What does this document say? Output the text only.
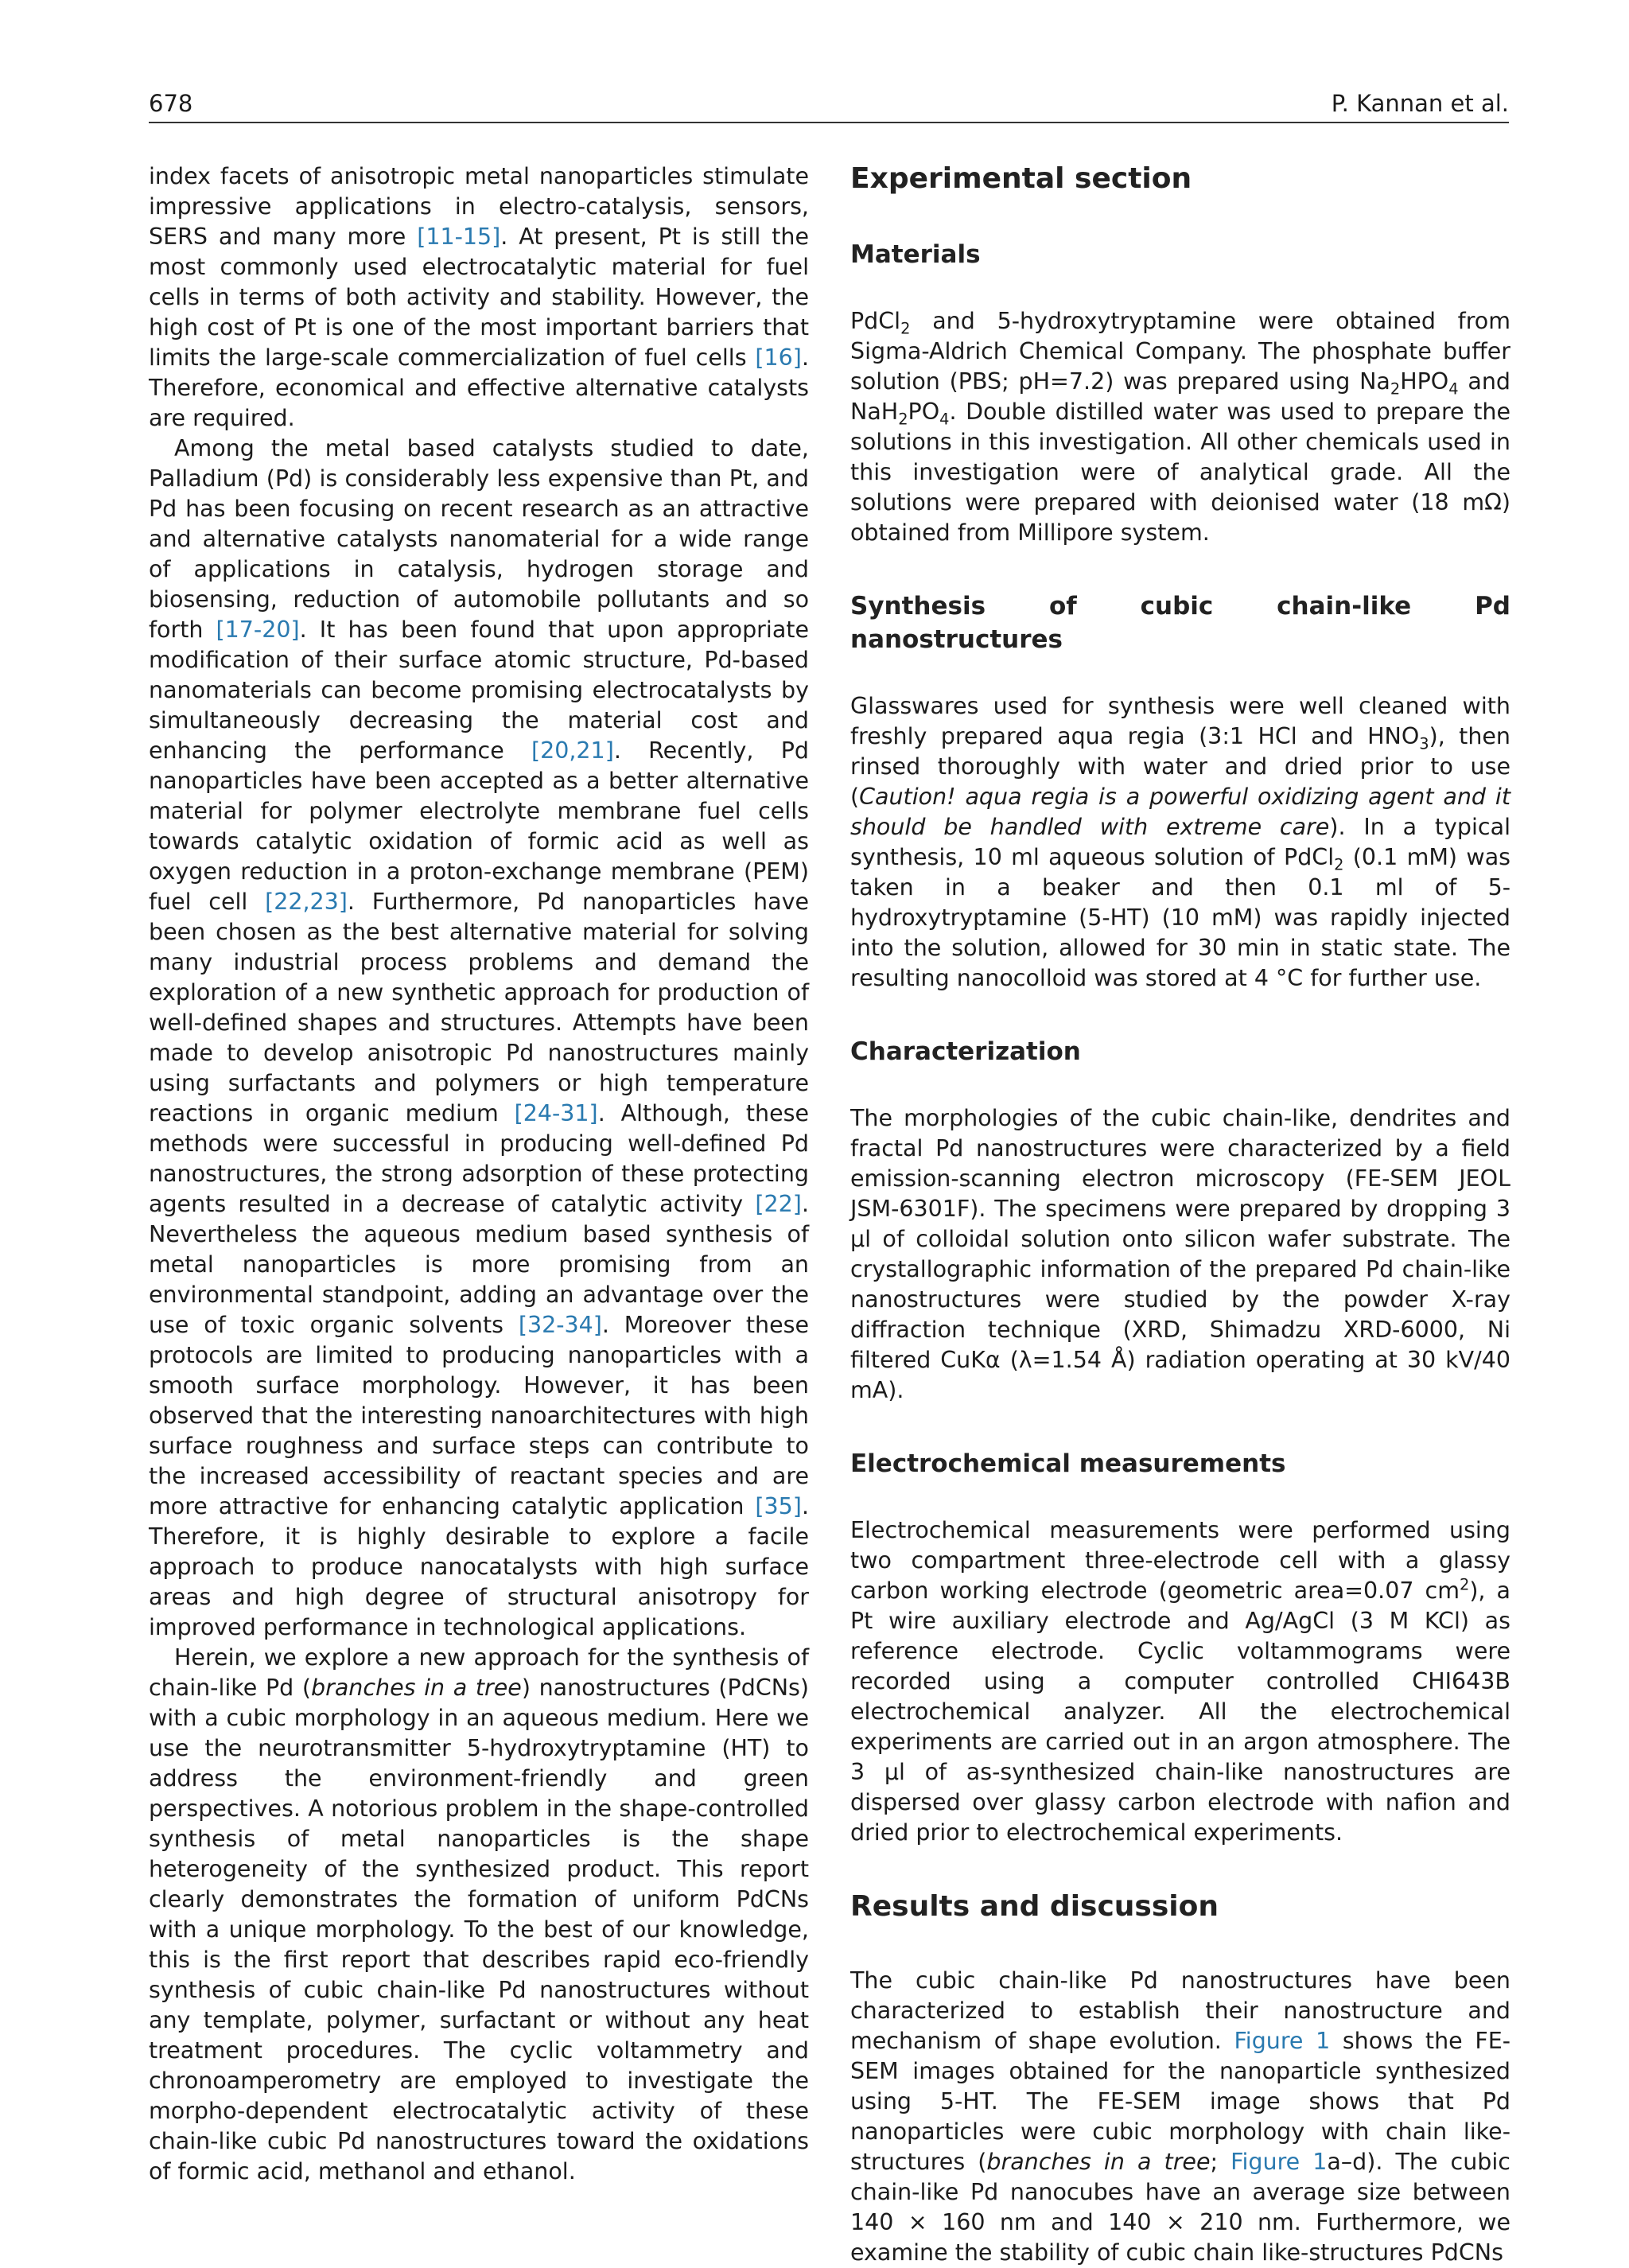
678	P. Kannan et al.

index facets of anisotropic metal nanoparticles stimulate impressive applications in electro-catalysis, sensors, SERS and many more [11-15]. At present, Pt is still the most commonly used electrocatalytic material for fuel cells in terms of both activity and stability. However, the high cost of Pt is one of the most important barriers that limits the large-scale commercialization of fuel cells [16]. Therefore, economical and effective alternative catalysts are required.

Among the metal based catalysts studied to date, Palladium (Pd) is considerably less expensive than Pt, and Pd has been focusing on recent research as an attractive and alternative catalysts nanomaterial for a wide range of applications in catalysis, hydrogen storage and biosensing, reduction of automobile pollutants and so forth [17-20]. It has been found that upon appropriate modification of their surface atomic structure, Pd-based nanomaterials can become promising electrocatalysts by simultaneously decreasing the material cost and enhancing the performance [20,21]. Recently, Pd nanoparticles have been accepted as a better alternative material for polymer electrolyte membrane fuel cells towards catalytic oxidation of formic acid as well as oxygen reduction in a proton-exchange membrane (PEM) fuel cell [22,23]. Furthermore, Pd nanoparticles have been chosen as the best alternative material for solving many industrial process problems and demand the exploration of a new synthetic approach for production of well-defined shapes and structures. Attempts have been made to develop anisotropic Pd nanostructures mainly using surfactants and polymers or high temperature reactions in organic medium [24-31]. Although, these methods were successful in producing well-defined Pd nanostructures, the strong adsorption of these protecting agents resulted in a decrease of catalytic activity [22]. Nevertheless the aqueous medium based synthesis of metal nanoparticles is more promising from an environmental standpoint, adding an advantage over the use of toxic organic solvents [32-34]. Moreover these protocols are limited to producing nanoparticles with a smooth surface morphology. However, it has been observed that the interesting nanoarchitectures with high surface roughness and surface steps can contribute to the increased accessibility of reactant species and are more attractive for enhancing catalytic application [35]. Therefore, it is highly desirable to explore a facile approach to produce nanocatalysts with high surface areas and high degree of structural anisotropy for improved performance in technological applications.

Herein, we explore a new approach for the synthesis of chain-like Pd (branches in a tree) nanostructures (PdCNs) with a cubic morphology in an aqueous medium. Here we use the neurotransmitter 5-hydroxytryptamine (HT) to address the environment-friendly and green perspectives. A notorious problem in the shape-controlled synthesis of metal nanoparticles is the shape heterogeneity of the synthesized product. This report clearly demonstrates the formation of uniform PdCNs with a unique morphology. To the best of our knowledge, this is the first report that describes rapid eco-friendly synthesis of cubic chain-like Pd nanostructures without any template, polymer, surfactant or without any heat treatment procedures. The cyclic voltammetry and chronoamperometry are employed to investigate the morpho-dependent electrocatalytic activity of these chain-like cubic Pd nanostructures toward the oxidations of formic acid, methanol and ethanol.

Experimental section
Materials

PdCl$_2$ and 5-hydroxytryptamine were obtained from Sigma-Aldrich Chemical Company. The phosphate buffer solution (PBS; pH=7.2) was prepared using $Na_2HPO_4$ and $NaH_2PO_4$. Double distilled water was used to prepare the solutions in this investigation. All other chemicals used in this investigation were of analytical grade. All the solutions were prepared with deionised water (18 mΩ) obtained from Millipore system.

Synthesis of cubic chain-like Pd nanostructures

Glasswares used for synthesis were well cleaned with freshly prepared aqua regia (3:1 HCl and $HNO_3$), then rinsed thoroughly with water and dried prior to use (Caution! aqua regia is a powerful oxidizing agent and it should be handled with extreme care). In a typical synthesis, 10 ml aqueous solution of PdCl$_2$ (0.1 mM) was taken in a beaker and then 0.1 ml of 5-hydroxytryptamine (5-HT) (10 mM) was rapidly injected into the solution, allowed for 30 min in static state. The resulting nanocolloid was stored at 4 °C for further use.

Characterization

The morphologies of the cubic chain-like, dendrites and fractal Pd nanostructures were characterized by a field emission-scanning electron microscopy (FE-SEM JEOL JSM-6301F). The specimens were prepared by dropping 3 μl of colloidal solution onto silicon wafer substrate. The crystallographic information of the prepared Pd chain-like nanostructures were studied by the powder X-ray diffraction technique (XRD, Shimadzu XRD-6000, Ni filtered CuKα (λ=1.54 Å) radiation operating at 30 kV/40 mA).

Electrochemical measurements

Electrochemical measurements were performed using two compartment three-electrode cell with a glassy carbon working electrode (geometric area=0.07 $cm^2$), a Pt wire auxiliary electrode and Ag/AgCl (3 M KCl) as reference electrode. Cyclic voltammograms were recorded using a computer controlled CHI643B electrochemical analyzer. All the electrochemical experiments are carried out in an argon atmosphere. The 3 μl of as-synthesized chain-like nanostructures are dispersed over glassy carbon electrode with nafion and dried prior to electrochemical experiments.

Results and discussion

The cubic chain-like Pd nanostructures have been characterized to establish their nanostructure and mechanism of shape evolution. Figure 1 shows the FE-SEM images obtained for the nanoparticle synthesized using 5-HT. The FE-SEM image shows that Pd nanoparticles were cubic morphology with chain like-structures (branches in a tree; Figure 1a–d). The cubic chain-like Pd nanocubes have an average size between 140 × 160 nm and 140 × 210 nm. Furthermore, we examine the stability of cubic chain like-structures PdCNs
